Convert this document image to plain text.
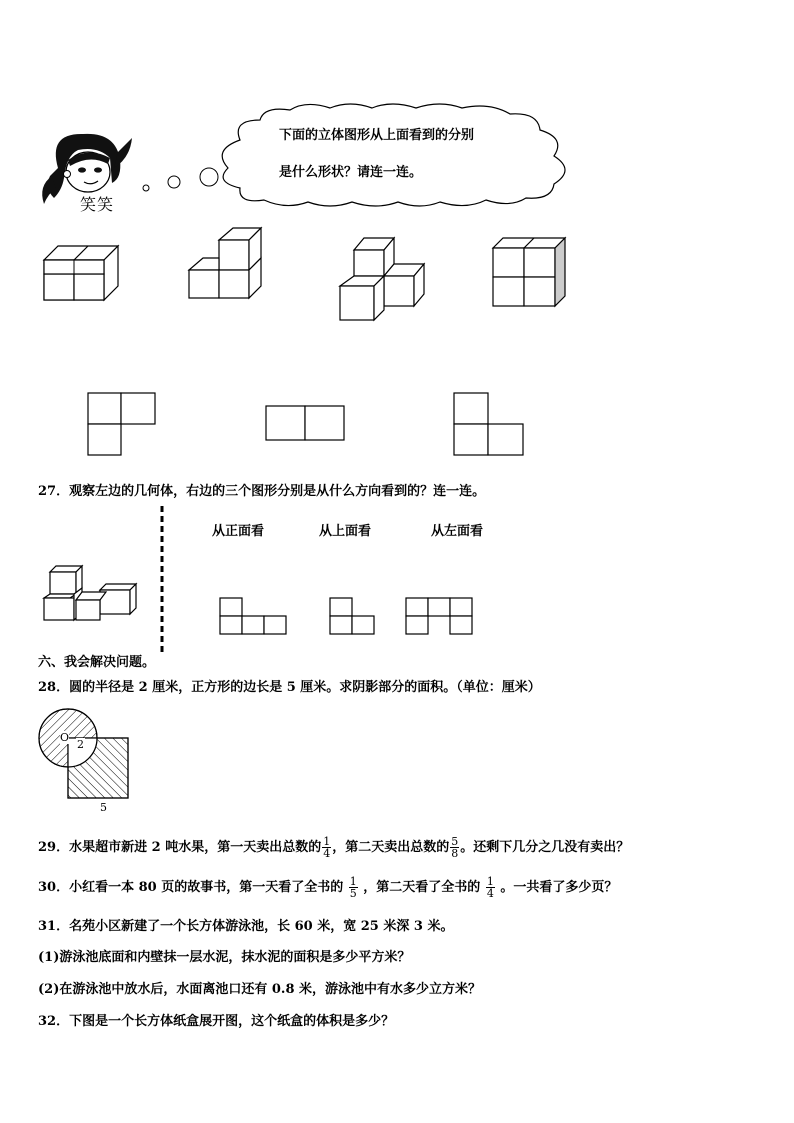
笑笑
下面的立体图形从上面看到的分别
是什么形状？请连一连。
27．观察左边的几何体，右边的三个图形分别是从什么方向看到的？连一连。
从正面看	从上面看	从左面看
六、我会解决问题。
28．圆的半径是 2 厘米，正方形的边长是 5 厘米。求阴影部分的面积。（单位：厘米）
O
2
5
29．水果超市新进 2 吨水果，第一天卖出总数的 $\frac{1}{4}$ ，第二天卖出总数的 $\frac{5}{8}$ 。还剩下几分之几没有卖出？
30．小红看一本 80 页的故事书，第一天看了全书的 $\frac{1}{5}$ ，第二天看了全书的 $\frac{1}{4}$ 。一共看了多少页？
31．名苑小区新建了一个长方体游泳池，长 60 米，宽 25 米深 3 米。
(1)游泳池底面和内壁抹一层水泥，抹水泥的面积是多少平方米？
(2)在游泳池中放水后，水面离池口还有 0.8 米，游泳池中有水多少立方米？
32．下图是一个长方体纸盒展开图，这个纸盒的体积是多少？
